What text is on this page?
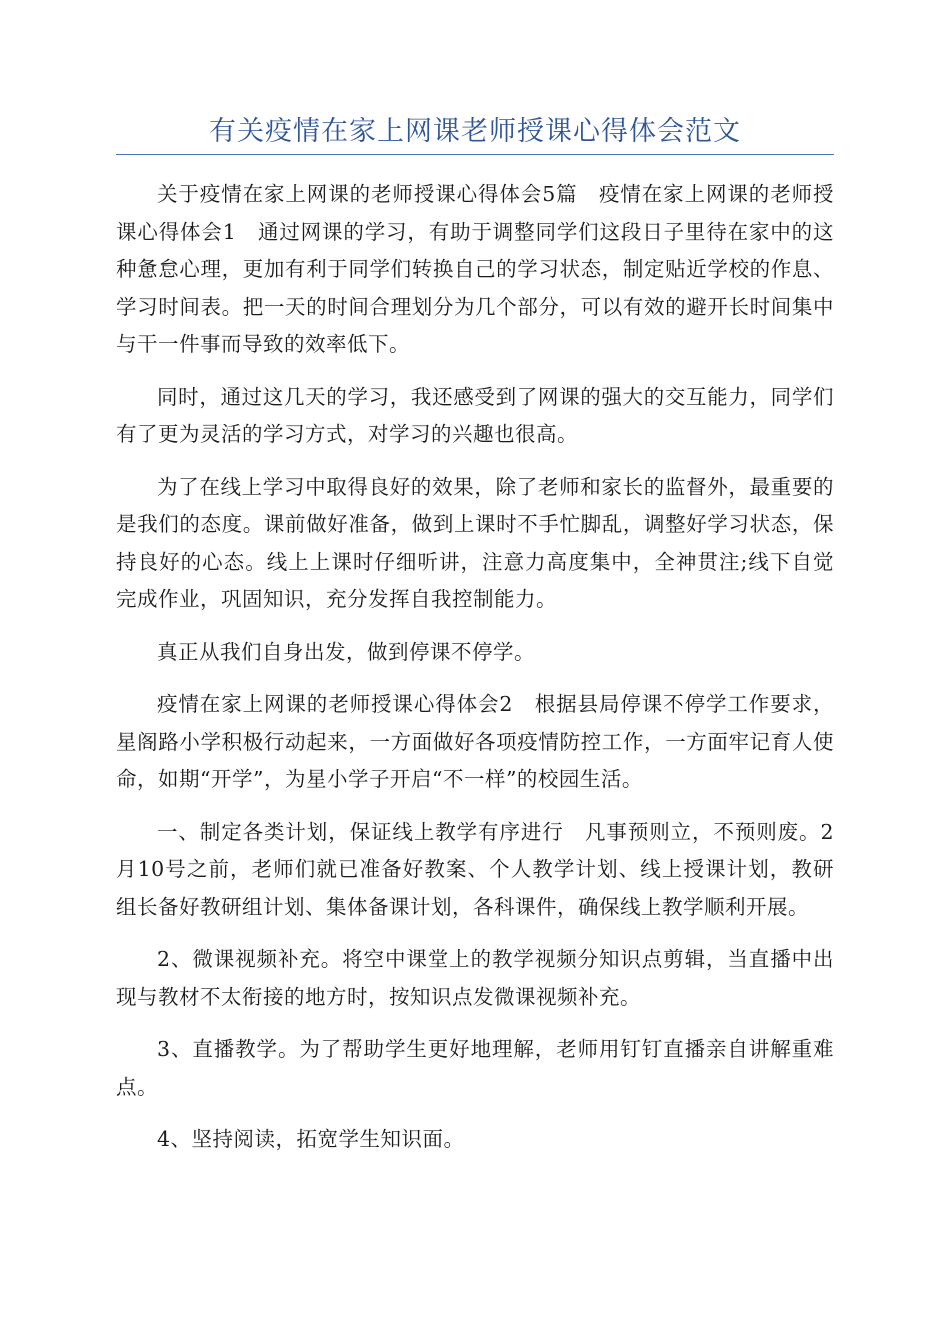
有关疫情在家上网课老师授课心得体会范文

关于疫情在家上网课的老师授课心得体会5篇　疫情在家上网课的老师授课心得体会1　通过网课的学习，有助于调整同学们这段日子里待在家中的这种惫怠心理，更加有利于同学们转换自己的学习状态，制定贴近学校的作息、学习时间表。把一天的时间合理划分为几个部分，可以有效的避开长时间集中与干一件事而导致的效率低下。

同时，通过这几天的学习，我还感受到了网课的强大的交互能力，同学们有了更为灵活的学习方式，对学习的兴趣也很高。

为了在线上学习中取得良好的效果，除了老师和家长的监督外，最重要的是我们的态度。课前做好准备，做到上课时不手忙脚乱，调整好学习状态，保持良好的心态。线上上课时仔细听讲，注意力高度集中，全神贯注;线下自觉完成作业，巩固知识，充分发挥自我控制能力。

真正从我们自身出发，做到停课不停学。

疫情在家上网课的老师授课心得体会2　根据县局停课不停学工作要求，星阁路小学积极行动起来，一方面做好各项疫情防控工作，一方面牢记育人使命，如期“开学”，为星小学子开启“不一样”的校园生活。

一、制定各类计划，保证线上教学有序进行　凡事预则立，不预则废。2月10号之前，老师们就已准备好教案、个人教学计划、线上授课计划，教研组长备好教研组计划、集体备课计划，各科课件，确保线上教学顺利开展。

2、微课视频补充。将空中课堂上的教学视频分知识点剪辑，当直播中出现与教材不太衔接的地方时，按知识点发微课视频补充。

3、直播教学。为了帮助学生更好地理解，老师用钉钉直播亲自讲解重难点。

4、坚持阅读，拓宽学生知识面。
